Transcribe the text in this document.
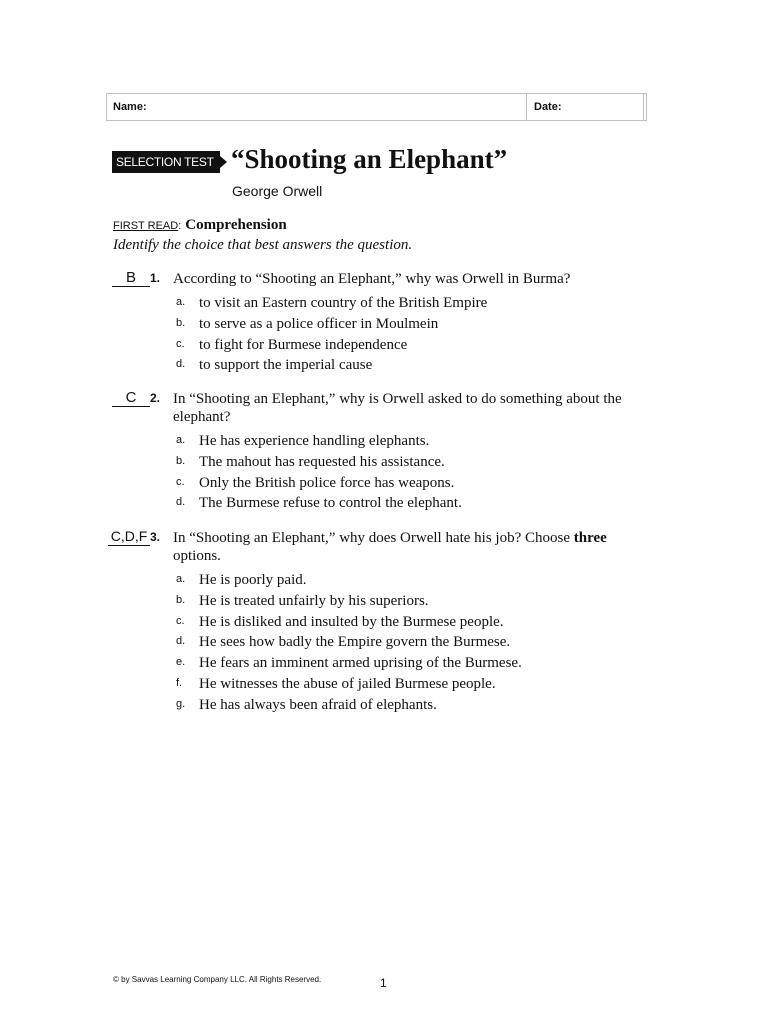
Name:	Date:
SELECTION TEST “Shooting an Elephant”
George Orwell
FIRST READ: Comprehension
Identify the choice that best answers the question.
B	1. According to “Shooting an Elephant,” why was Orwell in Burma?
a. to visit an Eastern country of the British Empire
b. to serve as a police officer in Moulmein
c. to fight for Burmese independence
d. to support the imperial cause
C	2. In “Shooting an Elephant,” why is Orwell asked to do something about the elephant?
a. He has experience handling elephants.
b. The mahout has requested his assistance.
c. Only the British police force has weapons.
d. The Burmese refuse to control the elephant.
C,D,F 3. In “Shooting an Elephant,” why does Orwell hate his job? Choose three options.
a. He is poorly paid.
b. He is treated unfairly by his superiors.
c. He is disliked and insulted by the Burmese people.
d. He sees how badly the Empire govern the Burmese.
e. He fears an imminent armed uprising of the Burmese.
f. He witnesses the abuse of jailed Burmese people.
g. He has always been afraid of elephants.
© by Savvas Learning Company LLC. All Rights Reserved.	1
